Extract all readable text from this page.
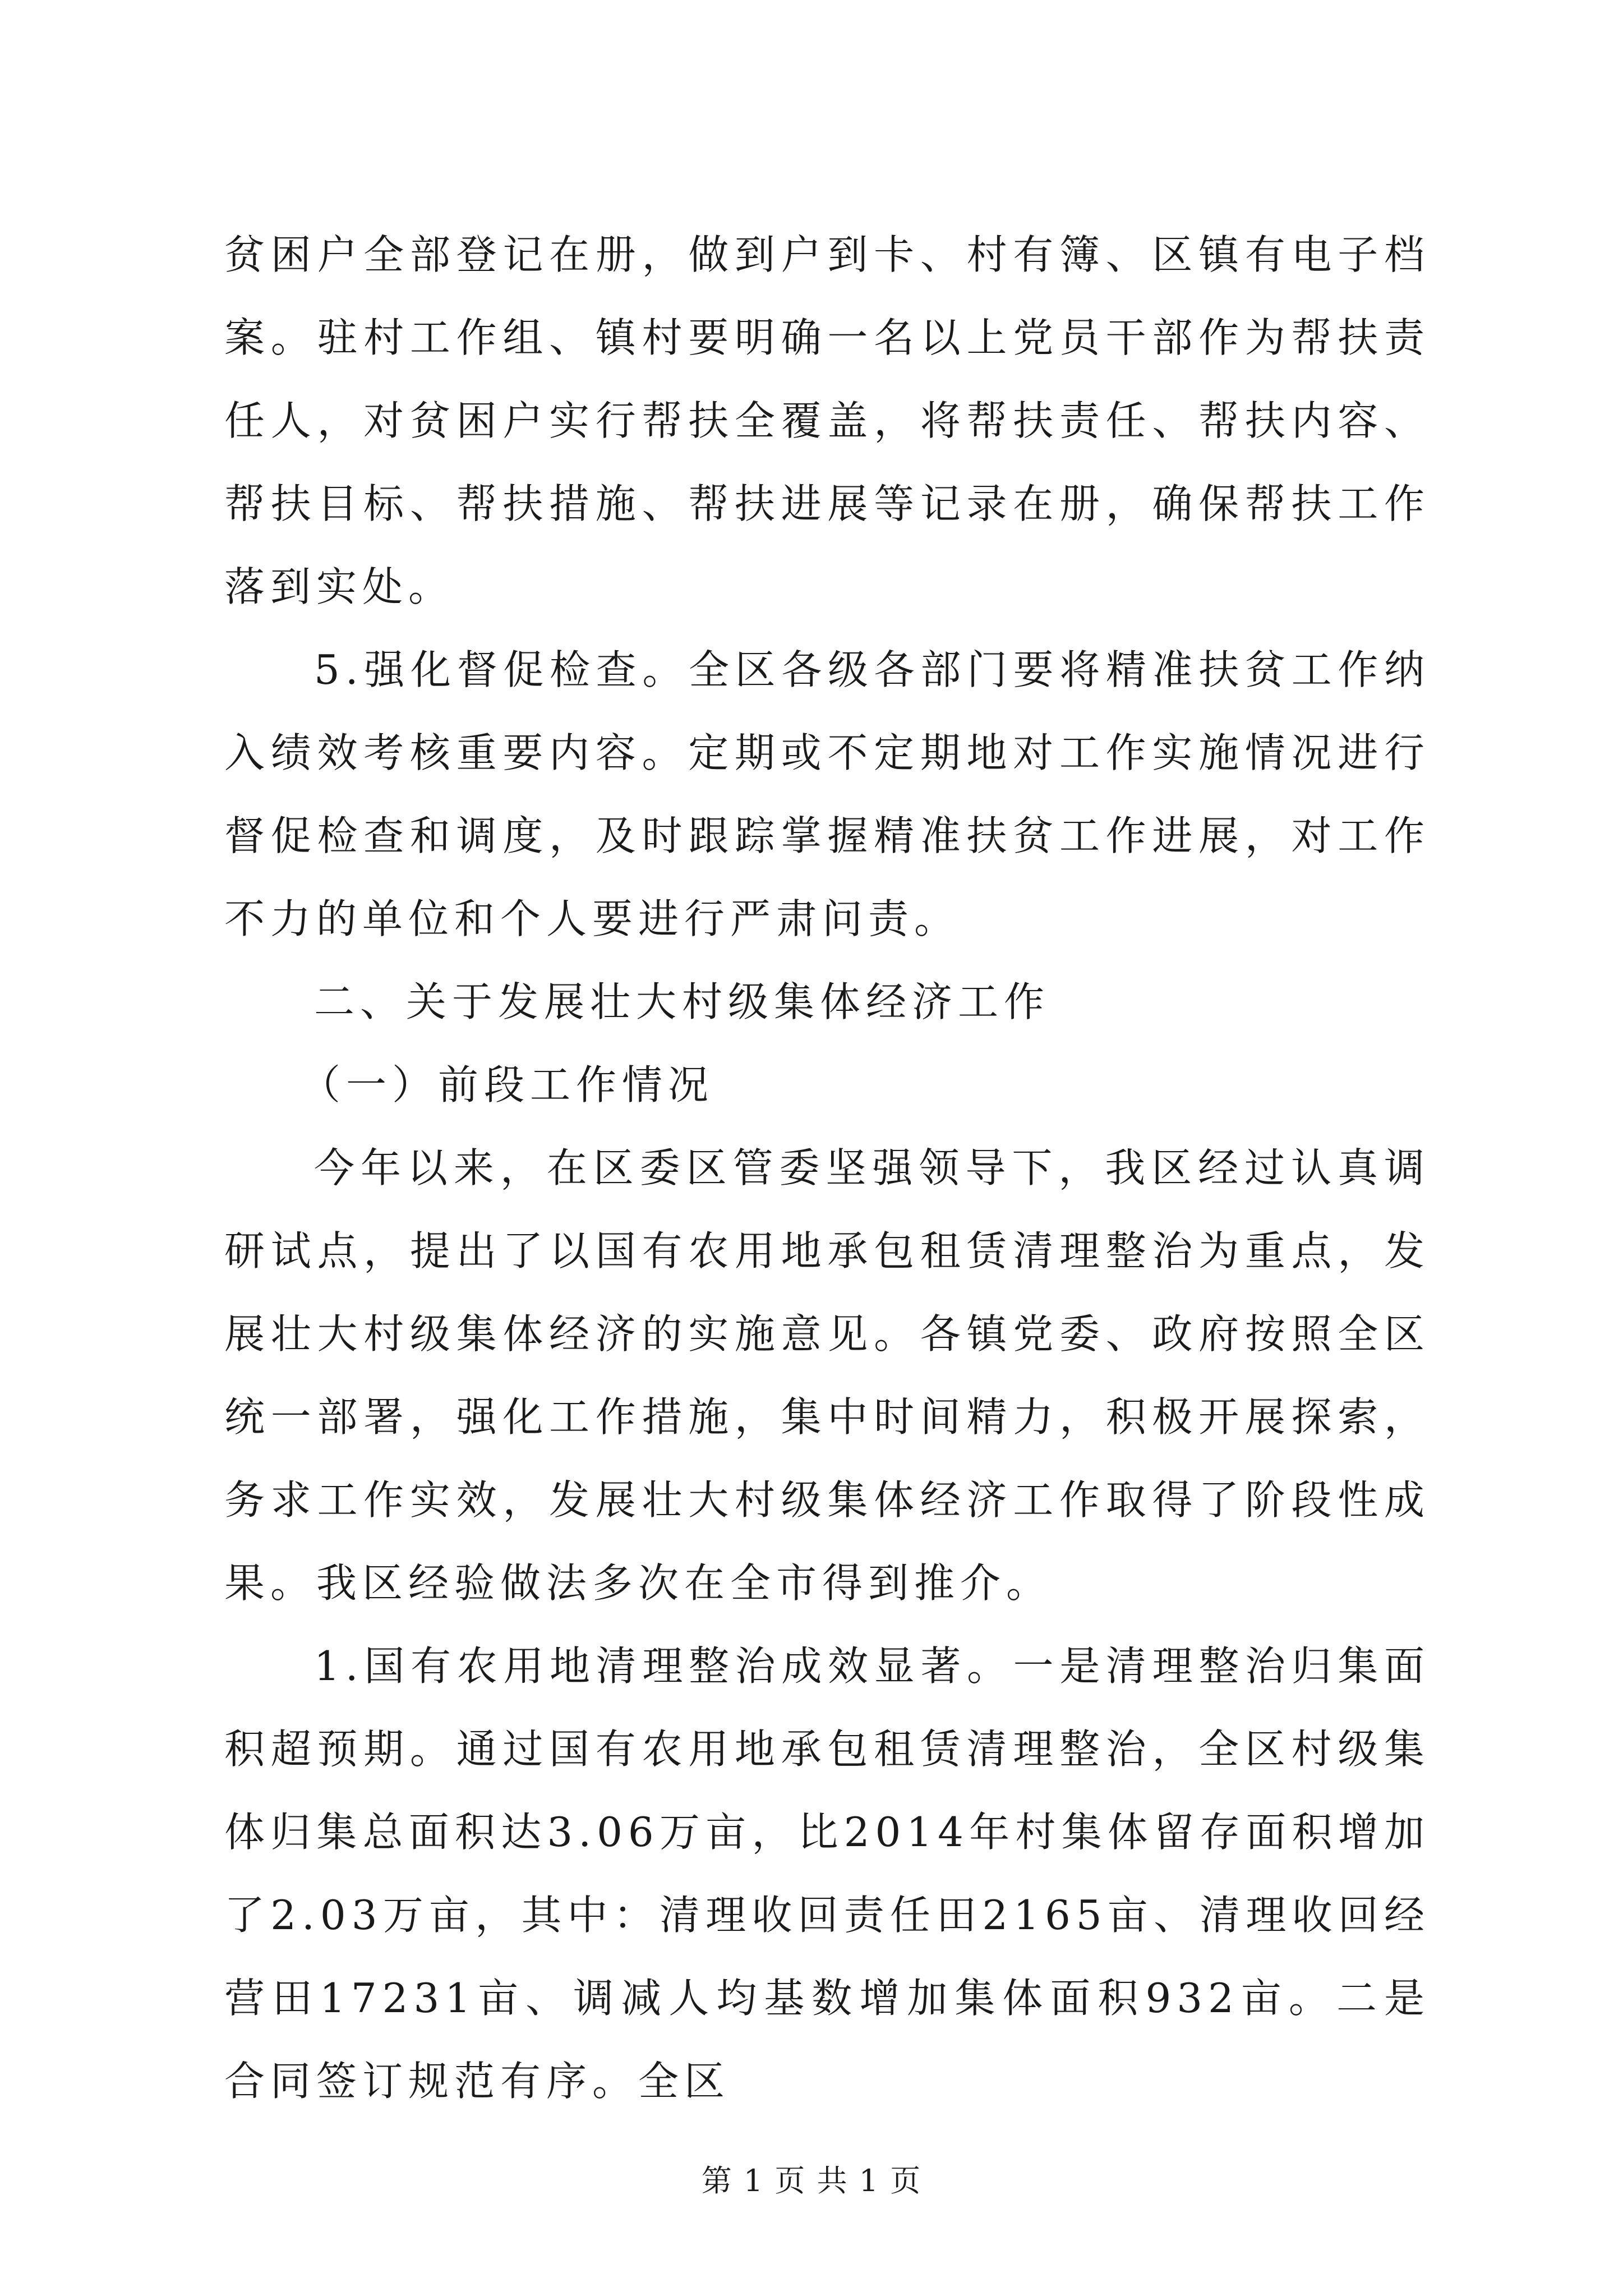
贫困户全部登记在册，做到户到卡、村有簿、区镇有电子档案。驻村工作组、镇村要明确一名以上党员干部作为帮扶责任人，对贫困户实行帮扶全覆盖，将帮扶责任、帮扶内容、帮扶目标、帮扶措施、帮扶进展等记录在册，确保帮扶工作落到实处。

5.强化督促检查。全区各级各部门要将精准扶贫工作纳入绩效考核重要内容。定期或不定期地对工作实施情况进行督促检查和调度，及时跟踪掌握精准扶贫工作进展，对工作不力的单位和个人要进行严肃问责。

二、关于发展壮大村级集体经济工作

（一）前段工作情况

今年以来，在区委区管委坚强领导下，我区经过认真调研试点，提出了以国有农用地承包租赁清理整治为重点，发展壮大村级集体经济的实施意见。各镇党委、政府按照全区统一部署，强化工作措施，集中时间精力，积极开展探索，务求工作实效，发展壮大村级集体经济工作取得了阶段性成果。我区经验做法多次在全市得到推介。

1.国有农用地清理整治成效显著。一是清理整治归集面积超预期。通过国有农用地承包租赁清理整治，全区村级集体归集总面积达3.06万亩，比2014年村集体留存面积增加了2.03万亩，其中：清理收回责任田2165亩、清理收回经营田17231亩、调减人均基数增加集体面积932亩。二是合同签订规范有序。全区

第 1 页 共 1 页
